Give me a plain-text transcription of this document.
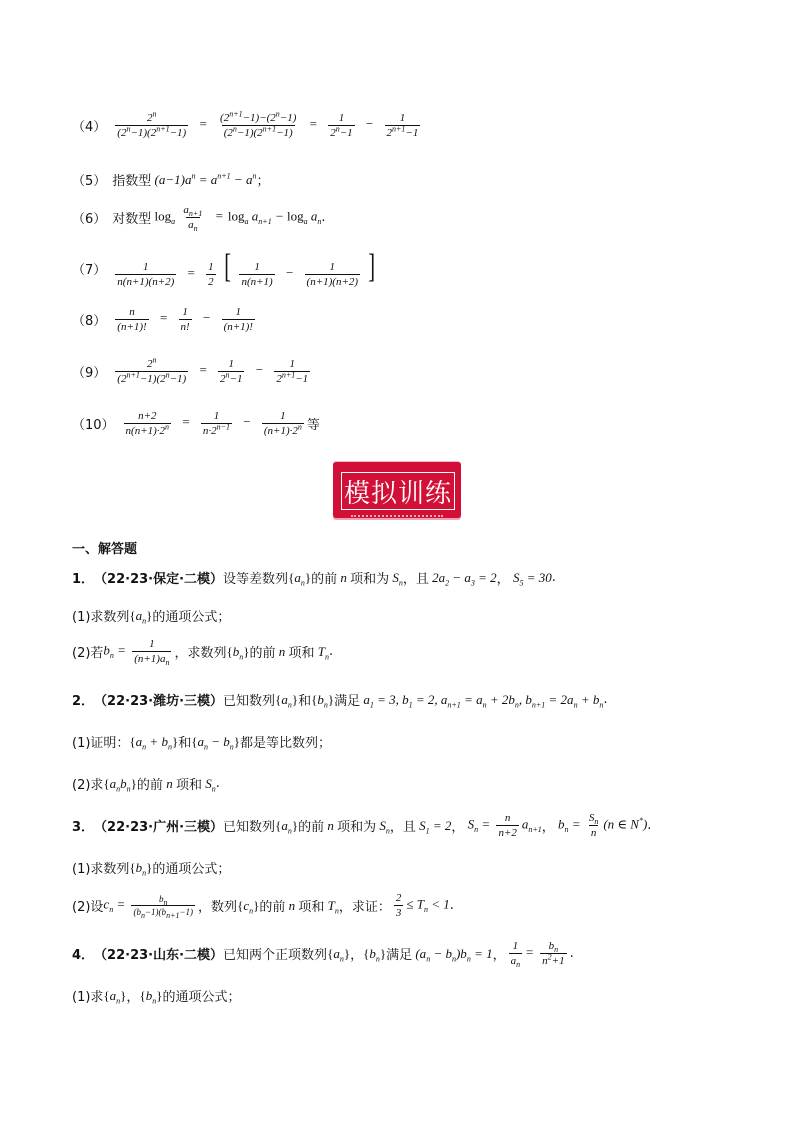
$(4) \frac{2^n}{(2^n-1)(2^{n+1}-1)} = \frac{(2^{n+1}-1)-(2^n-1)}{(2^n-1)(2^{n+1}-1)} = \frac{1}{2^n-1} - \frac{1}{2^{n+1}-1}$
（5） 指数型 $(a-1)a^n = a^{n+1} - a^n$ ；
（6） 对数型 $\log_a \frac{a_{n+1}}{a_n} = \log_a a_{n+1} - \log_a a_n$ .
$(7) \frac{1}{n(n+1)(n+2)} = \frac{1}{2}$ [ $\frac{1}{n(n+1)} - \frac{1}{(n+1)(n+2)}$ ]
$(8) \frac{n}{(n+1)!} = \frac{1}{n!} - \frac{1}{(n+1)!}$
$(9) \frac{2^n}{(2^{n+1}-1)(2^n-1)} = \frac{1}{2^n-1} - \frac{1}{2^{n+1}-1}$
$(10) \frac{n+2}{n(n+1)\cdot 2^n} = \frac{1}{n\cdot 2^{n-1}} - \frac{1}{(n+1)\cdot 2^n}$ 等
模拟训练
一、解答题
1． （22·23·保定·二模） 设等差数列 $\{a_n\}$ 的前 n 项和为 $S_n$ ，且 $2a_2 - a_3 = 2$ ， $S_5 = 30$ .
(1)求数列 $\{a_n\}$ 的通项公式；
(2)若 $b_n = \frac{1}{(n+1)a_n}$ ，求数列 $\{b_n\}$ 的前 n 项和 $T_n$ .
2． （22·23·潍坊·三模） 已知数列 $\{a_n\}$ 和 $\{b_n\}$ 满足 $a_1 = 3$, $b_1 = 2$, $a_{n+1} = a_n + 2b_n$, $b_{n+1} = 2a_n + b_n$ .
(1)证明： $\{a_n + b_n\}$ 和 $\{a_n - b_n\}$ 都是等比数列；
(2)求 $\{a_nb_n\}$ 的前 n 项和 $S_n$ .
3． （22·23·广州·三模） 已知数列 $\{a_n\}$ 的前 n 项和为 $S_n$ ，且 $S_1 = 2$ ， $S_n = \frac{n}{n+2} a_{n+1}$ ， $b_n = \frac{S_n}{n} (n$ ∈ N*) .
(1)求数列 $\{b_n\}$ 的通项公式；
(2)设 $c_n = \frac{b_n}{(b_n-1)(b_{n+1}-1)}$ ，数列 $\{c_n\}$ 的前 n 项和 $T_n$ ，求证： $\frac{2}{3} \le T_n < 1$ .
4． （22·23·山东·二模） 已知两个正项数列 $\{a_n\}$ ， $\{b_n\}$ 满足 $(a_n - b_n)b_n = 1$ ， $\frac{1}{a_n} = \frac{b_n}{n^2+1}$ .
(1)求 $\{a_n\}$ ， $\{b_n\}$ 的通项公式；
